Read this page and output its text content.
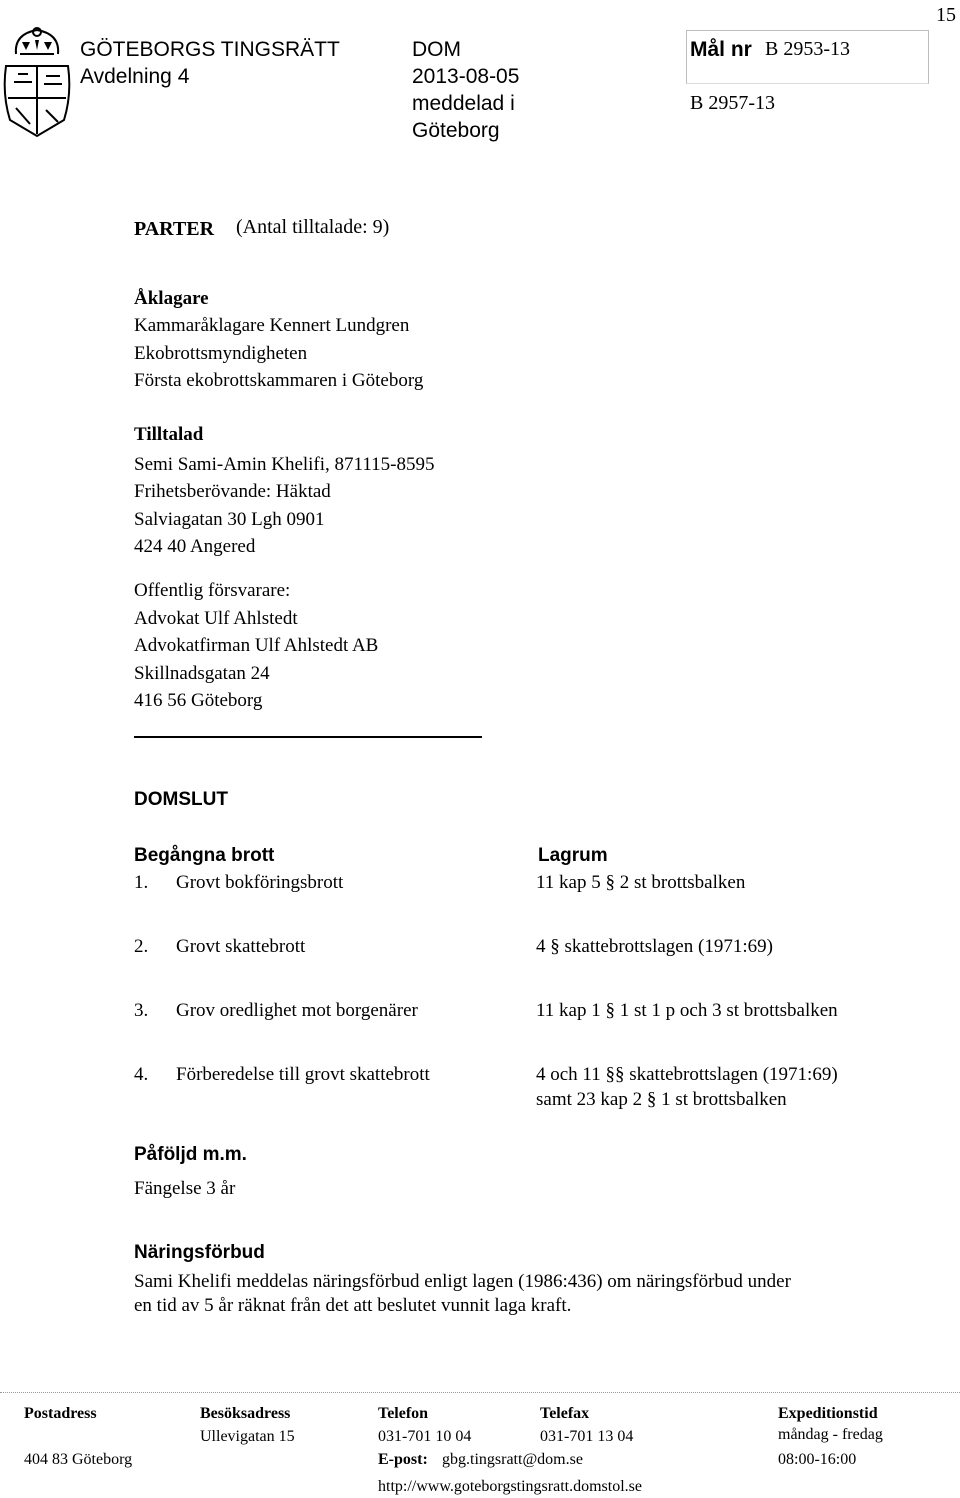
15
GÖTEBORGS TINGSRÄTT
Avdelning 4
DOM
2013-08-05
meddelad i
Göteborg
Mål nr B 2953-13
B 2957-13
PARTER (Antal tilltalade: 9)
Åklagare
Kammaråklagare Kennert Lundgren
Ekobrottsmyndigheten
Första ekobrottskammaren i Göteborg
Tilltalad
Semi Sami-Amin Khelifi, 871115-8595
Frihetsberövande: Häktad
Salviagatan 30 Lgh 0901
424 40 Angered
Offentlig försvarare:
Advokat Ulf Ahlstedt
Advokatfirman Ulf Ahlstedt AB
Skillnadsgatan 24
416 56 Göteborg
DOMSLUT
Begångna brott	Lagrum
1. Grovt bokföringsbrott	11 kap 5 § 2 st brottsbalken
2. Grovt skattebrott	4 § skattebrottslagen (1971:69)
3. Grov oredlighet mot borgenärer	11 kap 1 § 1 st 1 p och 3 st brottsbalken
4. Förberedelse till grovt skattebrott	4 och 11 §§ skattebrottslagen (1971:69)
samt 23 kap 2 § 1 st brottsbalken
Påföljd m.m.
Fängelse 3 år
Näringsförbud
Sami Khelifi meddelas näringsförbud enligt lagen (1986:436) om näringsförbud under
en tid av 5 år räknat från det att beslutet vunnit laga kraft.
Postadress
404 83 Göteborg
Besöksadress
Ullevigatan 15
Telefon
031-701 10 04
Telefax
031-701 13 04
E-post: gbg.tingsratt@dom.se
http://www.goteborgstingsratt.domstol.se
Expeditionstid
måndag - fredag
08:00-16:00
